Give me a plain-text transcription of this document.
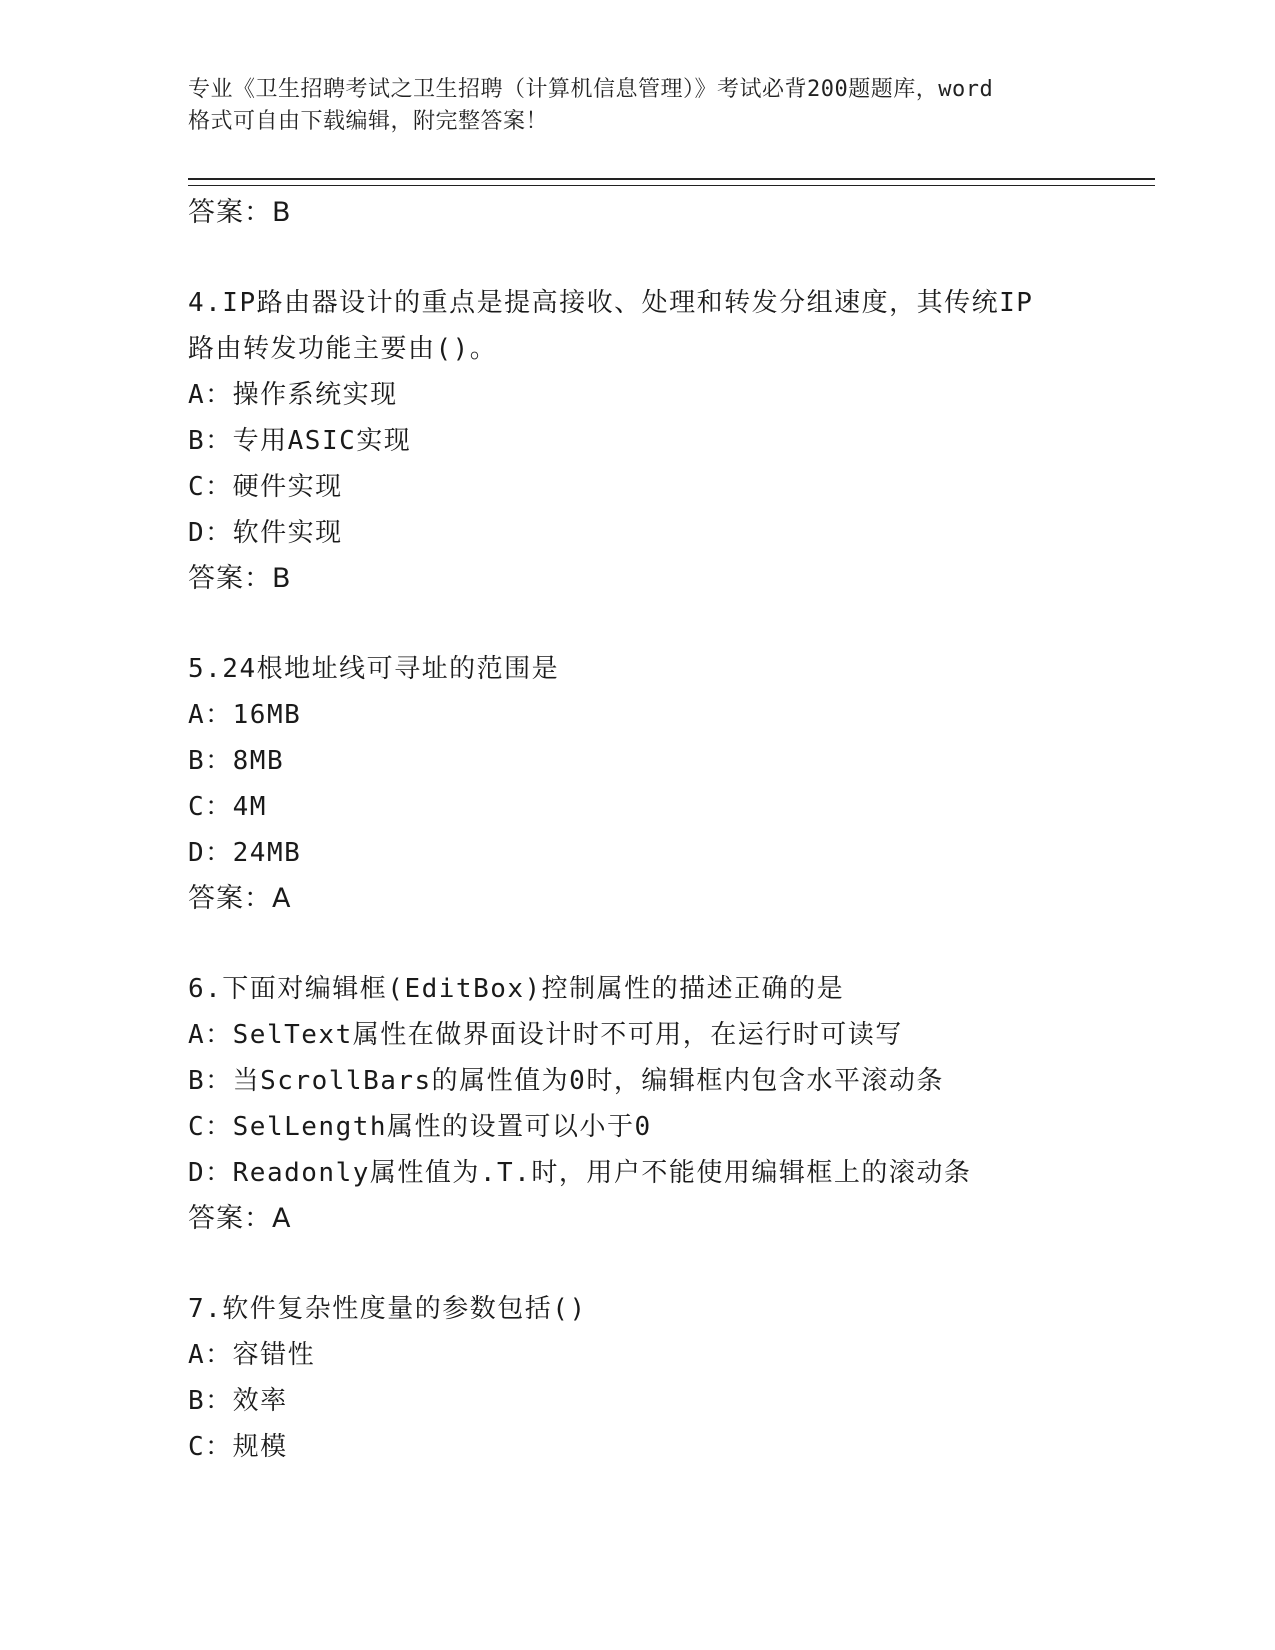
专业《卫生招聘考试之卫生招聘（计算机信息管理）》考试必背200题题库，word
格式可自由下载编辑，附完整答案！
答案：B
4.IP路由器设计的重点是提高接收、处理和转发分组速度，其传统IP
路由转发功能主要由()。
A：操作系统实现
B：专用ASIC实现
C：硬件实现
D：软件实现
答案：B
5.24根地址线可寻址的范围是
A：16MB
B：8MB
C：4M
D：24MB
答案：A
6.下面对编辑框(EditBox)控制属性的描述正确的是
A：SelText属性在做界面设计时不可用，在运行时可读写
B：当ScrollBars的属性值为0时，编辑框内包含水平滚动条
C：SelLength属性的设置可以小于0
D：Readonly属性值为.T.时，用户不能使用编辑框上的滚动条
答案：A
7.软件复杂性度量的参数包括()
A：容错性
B：效率
C：规模
